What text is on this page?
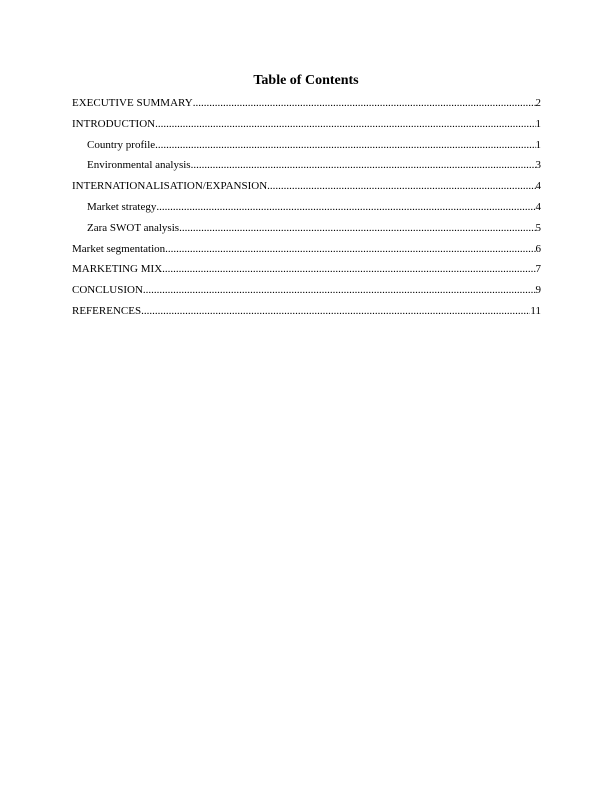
Table of Contents
EXECUTIVE SUMMARY .....	2
INTRODUCTION .....	1
Country profile .....	1
Environmental analysis .....	3
INTERNATIONALISATION/EXPANSION .....	4
Market strategy .....	4
Zara SWOT analysis .....	5
Market segmentation .....	6
MARKETING MIX .....	7
CONCLUSION .....	9
REFERENCES .....	11
